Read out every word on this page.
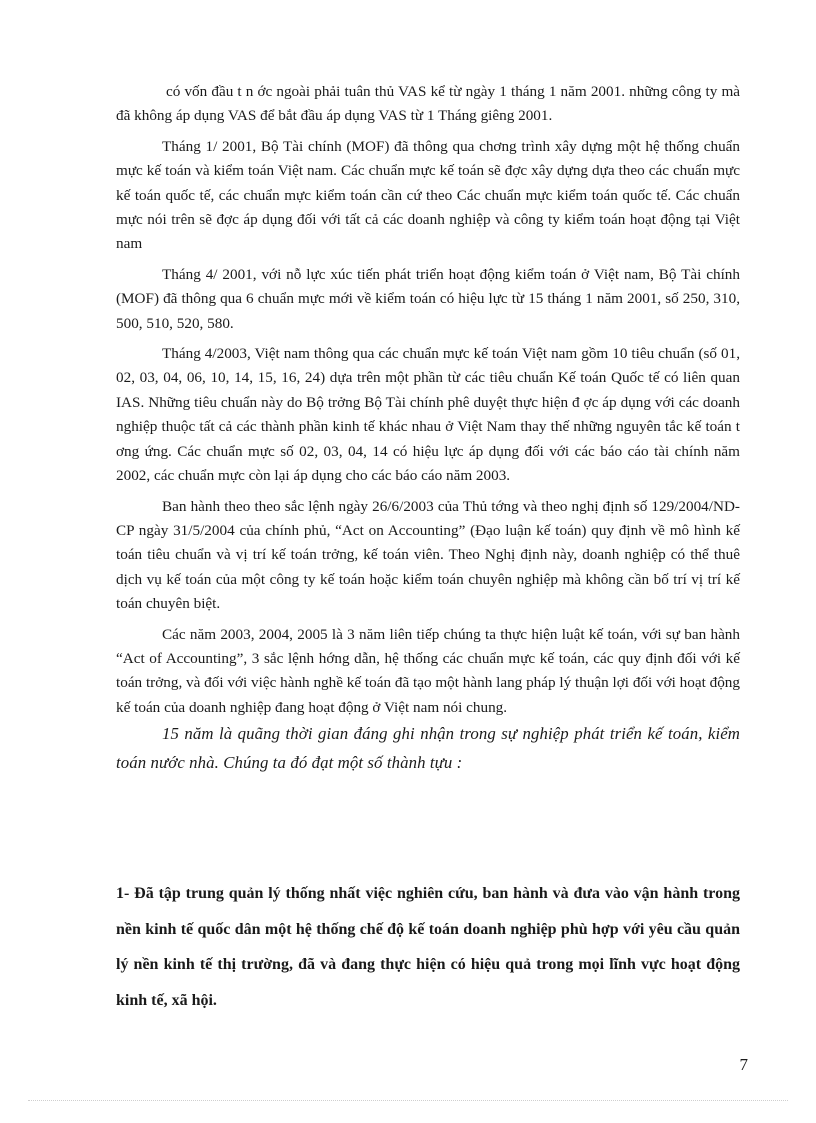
có vốn đầu t n ớc ngoài phải tuân thủ VAS kể từ ngày 1 tháng 1 năm 2001. những công ty mà đã không áp dụng VAS để bắt đầu áp dụng VAS từ 1 Tháng giêng 2001.

Tháng 1/ 2001, Bộ Tài chính (MOF) đã thông qua chơng trình xây dựng một hệ thống chuẩn mực kế toán và kiểm toán Việt nam. Các chuẩn mực kế toán sẽ đợc xây dựng dựa theo các chuẩn mực kế toán quốc tế, các chuẩn mực kiểm toán cần cứ theo Các chuẩn mực kiểm toán quốc tế. Các chuẩn mực nói trên sẽ đợc áp dụng đối với tất cả các doanh nghiệp và công ty kiểm toán hoạt động tại Việt nam

Tháng 4/ 2001, với nỗ lực xúc tiến phát triển hoạt động kiểm toán ở Việt nam, Bộ Tài chính (MOF) đã thông qua 6 chuẩn mực mới về kiểm toán có hiệu lực từ 15 tháng 1 năm 2001, số 250, 310, 500, 510, 520, 580.

Tháng 4/2003, Việt nam thông qua các chuẩn mực kế toán Việt nam gồm 10 tiêu chuẩn (số 01, 02, 03, 04, 06, 10, 14, 15, 16, 24) dựa trên một phần từ các tiêu chuẩn Kế toán Quốc tế có liên quan IAS. Những tiêu chuẩn này do Bộ trởng Bộ Tài chính phê duyệt thực hiện đ ợc áp dụng với các doanh nghiệp thuộc tất cả các thành phần kinh tế khác nhau ở Việt Nam thay thế những nguyên tắc kế toán t ơng ứng. Các chuẩn mực số 02, 03, 04, 14 có hiệu lực áp dụng đối với các báo cáo tài chính năm 2002, các chuẩn mực còn lại áp dụng cho các báo cáo năm 2003.

Ban hành theo theo sắc lệnh ngày 26/6/2003 của Thủ tớng và theo nghị định số 129/2004/ND-CP ngày 31/5/2004 của chính phủ, “Act on Accounting” (Đạo luận kế toán) quy định về mô hình kế toán tiêu chuẩn và vị trí kế toán trởng, kế toán viên. Theo Nghị định này, doanh nghiệp có thể thuê dịch vụ kế toán của một công ty kế toán hoặc kiểm toán chuyên nghiệp mà không cần bố trí vị trí kế toán chuyên biệt.

Các năm 2003, 2004, 2005 là 3 năm liên tiếp chúng ta thực hiện luật kế toán, với sự ban hành “Act of Accounting”, 3 sắc lệnh hớng dẫn, hệ thống các chuẩn mực kế toán, các quy định đối với kế toán trởng, và đối với việc hành nghề kế toán đã tạo một hành lang pháp lý thuận lợi đối với hoạt động kế toán của doanh nghiệp đang hoạt động ở Việt nam nói chung.

15 năm là quãng thời gian đáng ghi nhận trong sự nghiệp phát triển kế toán, kiểm toán nước nhà. Chúng ta đó đạt một số thành tựu :

1- Đã tập trung quản lý thống nhất việc nghiên cứu, ban hành và đưa vào vận hành trong nền kinh tế quốc dân một hệ thống chế độ kế toán doanh nghiệp phù hợp với yêu cầu quản lý nền kinh tế thị trường, đã và đang thực hiện có hiệu quả trong mọi lĩnh vực hoạt động kinh tế, xã hội.

7
